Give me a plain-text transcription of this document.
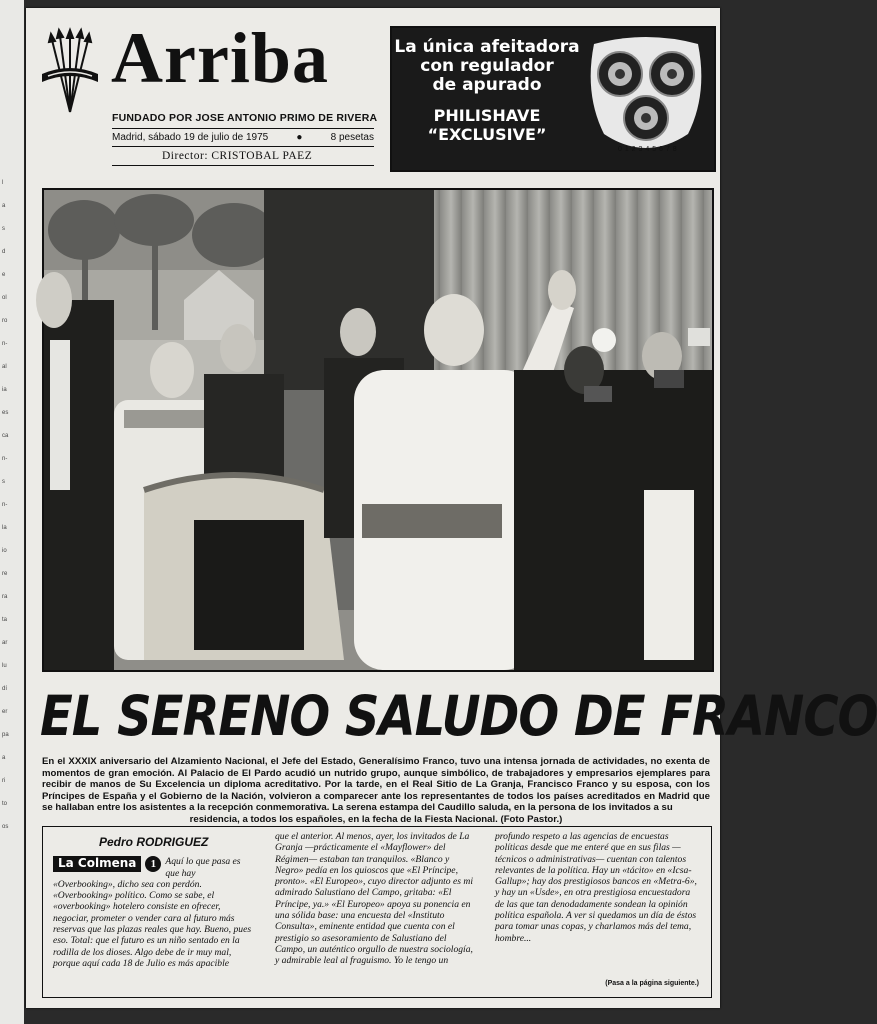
l
a
s
d
e
ol
ro
n-
al
ia
es
ca
n-
s
n-
la
io
re
ra
ta
ar
lu
dí
er
pa
a
ri
to
os
Arriba
FUNDADO POR JOSE ANTONIO PRIMO DE RIVERA
Madrid, sábado 19 de julio de 1975	●	8 pesetas
Director: CRISTOBAL PAEZ
La única afeitadora
con regulador
de apurado
PHILISHAVE
“EXCLUSIVE”
0 1 2 3 4 5 6 7 8
EL SERENO SALUDO DE FRANCO
En el XXXIX aniversario del Alzamiento Nacional, el Jefe del Estado, Generalísimo Franco, tuvo una intensa jornada de actividades, no exenta de momentos de gran emoción. Al Palacio de El Pardo acudió un nutrido grupo, aunque simbólico, de trabajadores y empresarios ejemplares para recibir de manos de Su Excelencia un diploma acreditativo. Por la tarde, en el Real Sitio de La Granja, Francisco Franco y su esposa, con los Príncipes de España y el Gobierno de la Nación, volvieron a comparecer ante los representantes de todos los países acreditados en Madrid que se hallaban entre los asistentes a la recepción conmemorativa. La serena estampa del Caudillo saluda, en la persona de los invitados a su
residencia, a todos los españoles, en la fecha de la Fiesta Nacional. (Foto Pastor.)
Pedro RODRIGUEZ
La Colmena 1 Aquí lo que pasa es que hay «Overbooking», dicho sea con perdón. «Overbooking» político. Como se sabe, el «overbooking» hotelero consiste en ofrecer, negociar, prometer o vender cara al futuro más reservas que las plazas reales que hay. Bueno, pues eso. Total: que el futuro es un niño sentado en la rodilla de los dioses. Algo debe de ir muy mal, porque aquí cada 18 de Julio es más apacible
que el anterior. Al menos, ayer, los invitados de La Granja —prácticamente el «Mayflower» del Régimen— estaban tan tranquilos. «Blanco y Negro» pedía en los quioscos que «El Príncipe, pronto». «El Europeo», cuyo director adjunto es mi admirado Salustiano del Campo, gritaba: «El Príncipe, ya.» «El Europeo» apoya su ponencia en una sólida base: una encuesta del «Instituto Consulta», eminente entidad que cuenta con el prestigio so asesoramiento de Salustiano del Campo, un auténtico orgullo de nuestra sociología, y admirable leal al fraguismo. Yo le tengo un
profundo respeto a las agencias de encuestas políticas desde que me enteré que en sus filas —técnicos o administrativas— cuentan con talentos relevantes de la política. Hay un «tácito» en «Icsa-Gallup»; hay dos prestigiosos bancos en «Metra-6», y hay un «Usde», en otra prestigiosa encuestadora de las que tan denodadamente sondean la opinión política española. A ver si quedamos un día de éstos para tomar unas copas, y charlamos más del tema, hombre...
(Pasa a la página siguiente.)
